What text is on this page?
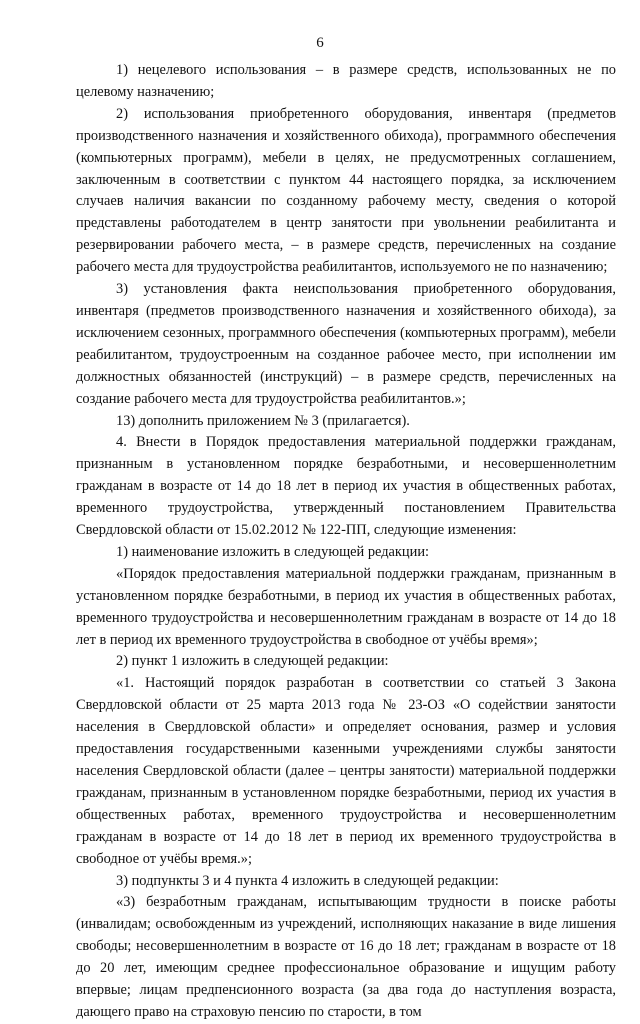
6

1) нецелевого использования – в размере средств, использованных не по целевому назначению;

2) использования приобретенного оборудования, инвентаря (предметов производственного назначения и хозяйственного обихода), программного обеспечения (компьютерных программ), мебели в целях, не предусмотренных соглашением, заключенным в соответствии с пунктом 44 настоящего порядка, за исключением случаев наличия вакансии по созданному рабочему месту, сведения о которой представлены работодателем в центр занятости при увольнении реабилитанта и резервировании рабочего места, – в размере средств, перечисленных на создание рабочего места для трудоустройства реабилитантов, используемого не по назначению;

3) установления факта неиспользования приобретенного оборудования, инвентаря (предметов производственного назначения и хозяйственного обихода), за исключением сезонных, программного обеспечения (компьютерных программ), мебели реабилитантом, трудоустроенным на созданное рабочее место, при исполнении им должностных обязанностей (инструкций) – в размере средств, перечисленных на создание рабочего места для трудоустройства реабилитантов.»;

13) дополнить приложением № 3 (прилагается).

4. Внести в Порядок предоставления материальной поддержки гражданам, признанным в установленном порядке безработными, и несовершеннолетним гражданам в возрасте от 14 до 18 лет в период их участия в общественных работах, временного трудоустройства, утвержденный постановлением Правительства Свердловской области от 15.02.2012 № 122-ПП, следующие изменения:

1) наименование изложить в следующей редакции:

«Порядок предоставления материальной поддержки гражданам, признанным в установленном порядке безработными, в период их участия в общественных работах, временного трудоустройства и несовершеннолетним гражданам в возрасте от 14 до 18 лет в период их временного трудоустройства в свободное от учёбы время»;

2) пункт 1 изложить в следующей редакции:

«1. Настоящий порядок разработан в соответствии со статьей 3 Закона Свердловской области от 25 марта 2013 года № 23-ОЗ «О содействии занятости населения в Свердловской области» и определяет основания, размер и условия предоставления государственными казенными учреждениями службы занятости населения Свердловской области (далее – центры занятости) материальной поддержки гражданам, признанным в установленном порядке безработными, период их участия в общественных работах, временного трудоустройства и несовершеннолетним гражданам в возрасте от 14 до 18 лет в период их временного трудоустройства в свободное от учёбы время.»;

3) подпункты 3 и 4 пункта 4 изложить в следующей редакции:

«3) безработным гражданам, испытывающим трудности в поиске работы (инвалидам; освобожденным из учреждений, исполняющих наказание в виде лишения свободы; несовершеннолетним в возрасте от 16 до 18 лет; гражданам в возрасте от 18 до 20 лет, имеющим среднее профессиональное образование и ищущим работу впервые; лицам предпенсионного возраста (за два года до наступления возраста, дающего право на страховую пенсию по старости, в том
